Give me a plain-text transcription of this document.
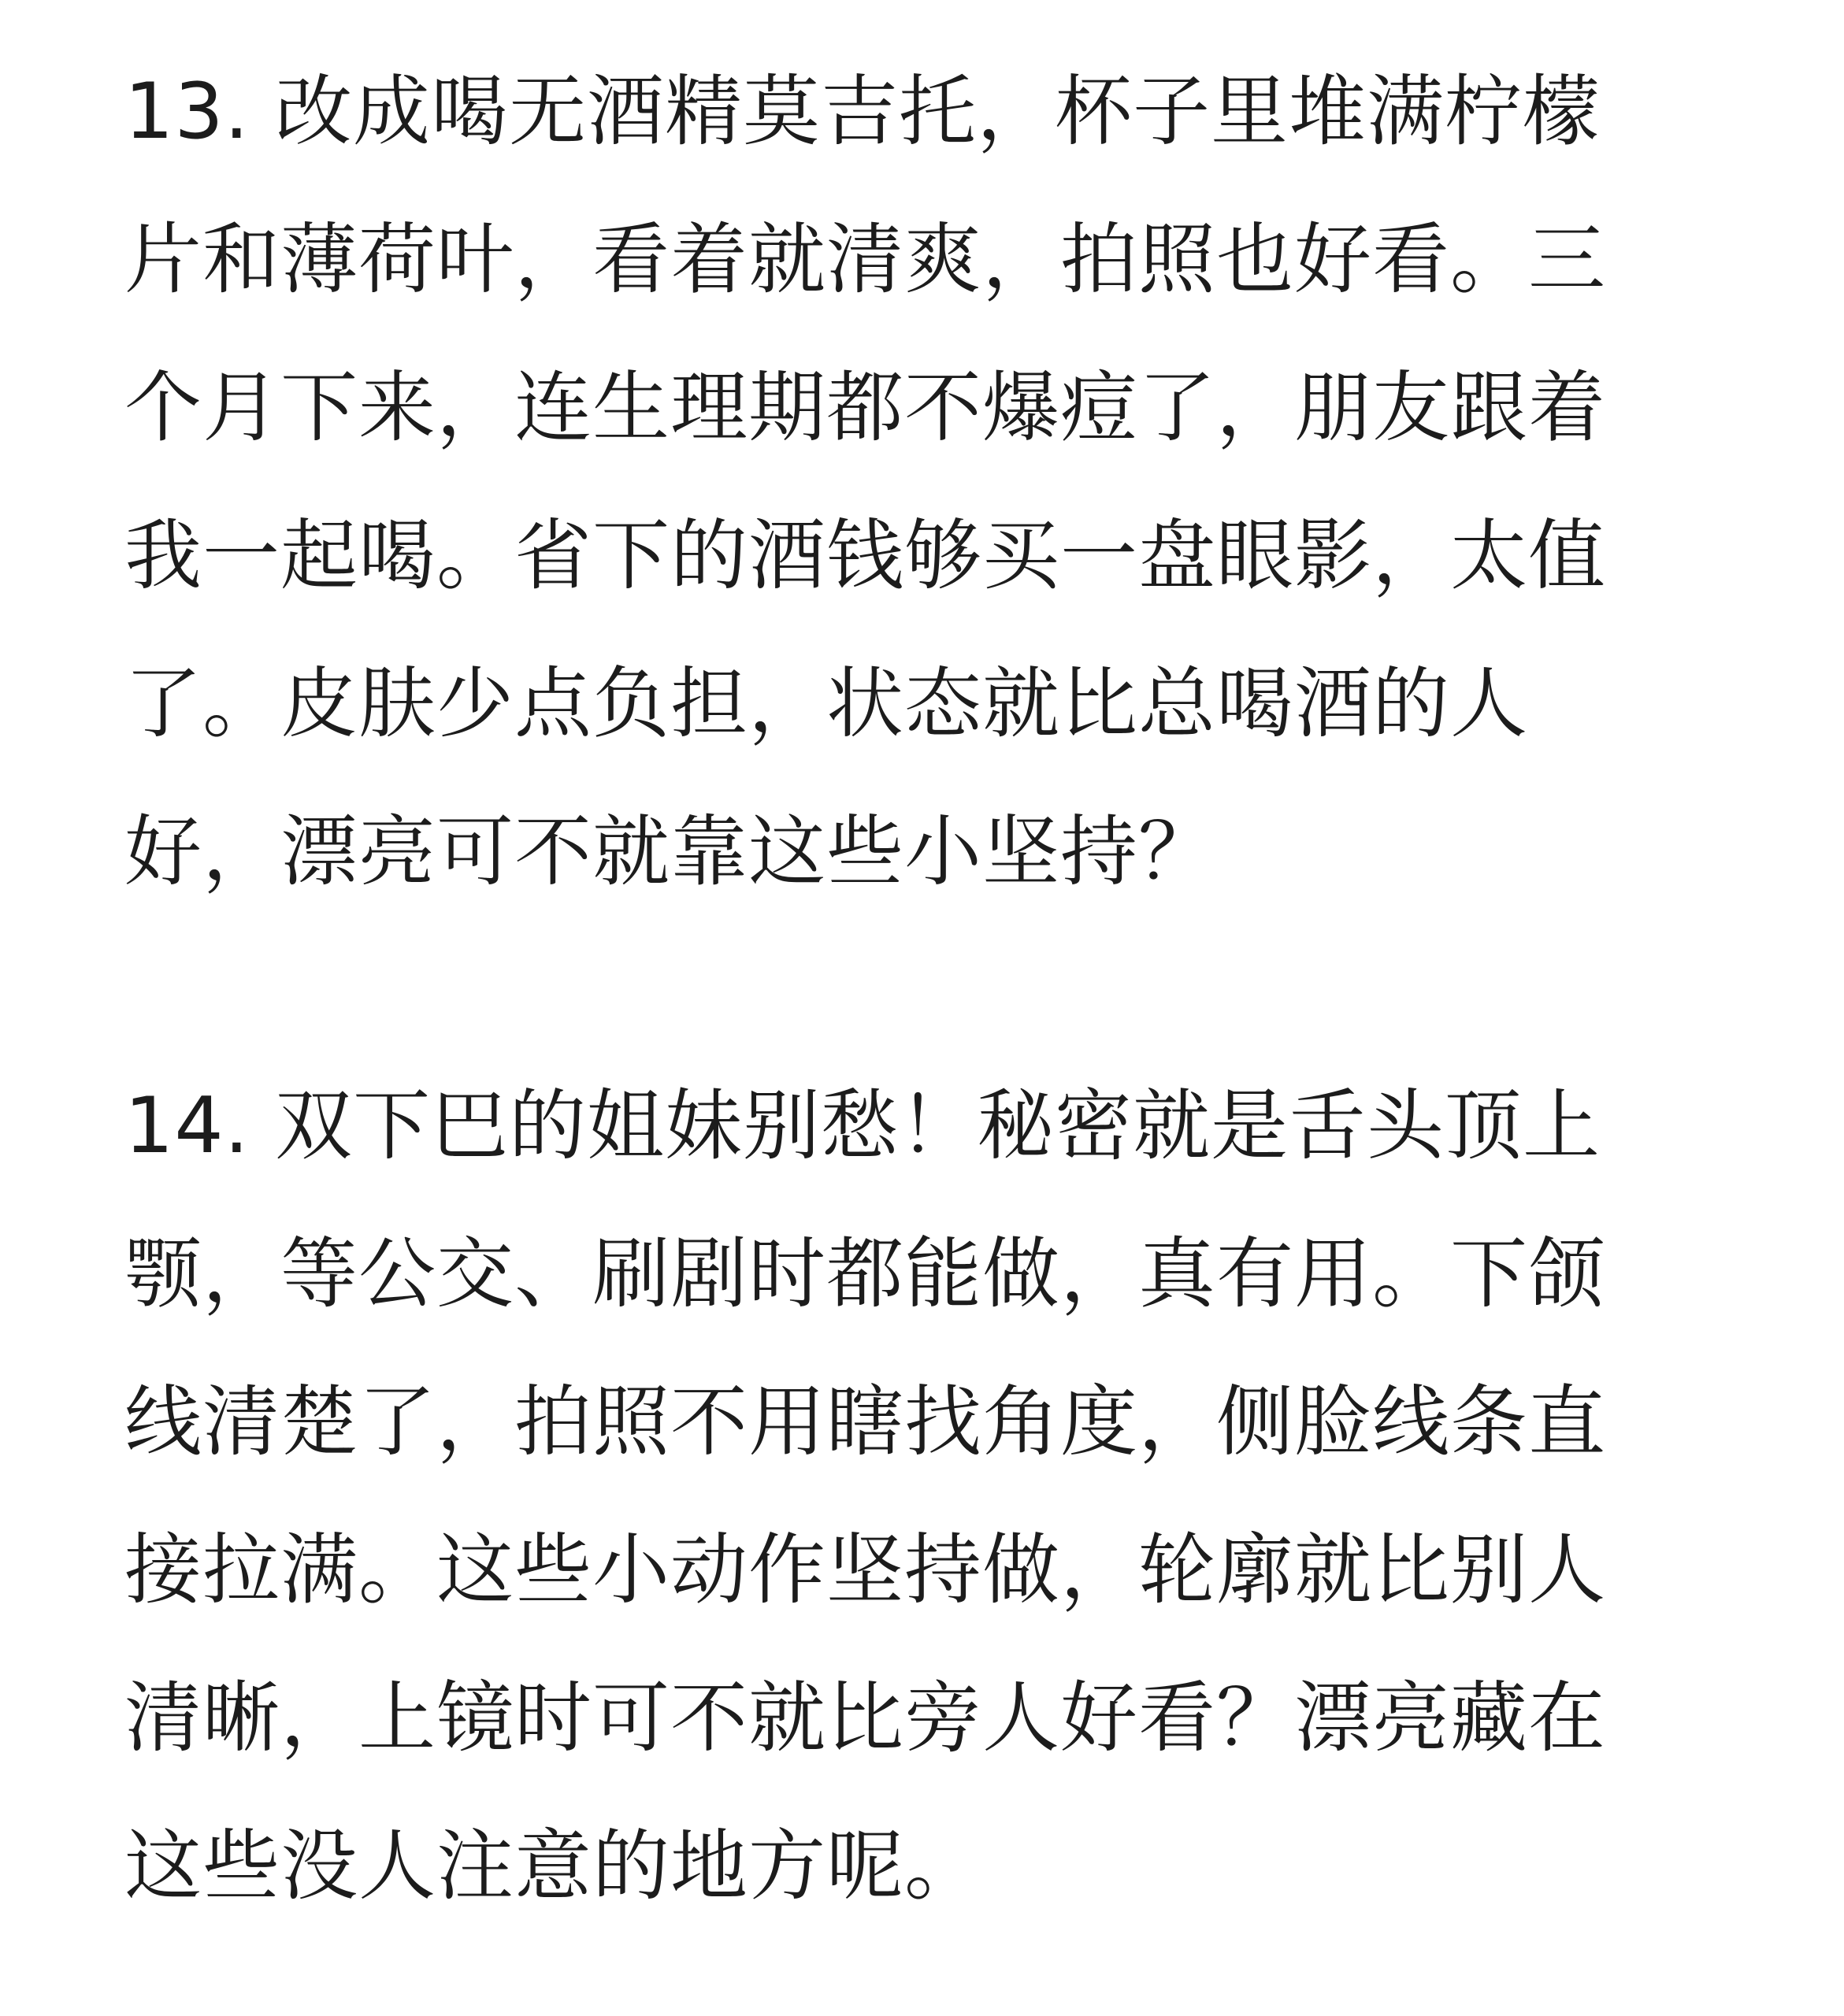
13. 改成喝无酒精莫吉托，杯子里堆满柠檬
片和薄荷叶，看着就清爽，拍照也好看。三
个月下来，连生理期都不爆痘了，朋友跟着
我一起喝。省下的酒钱够买一盘眼影，太值
了。皮肤少点负担，状态就比总喝酒的人
好，漂亮可不就靠这些小坚持？
14. 双下巴的姐妹别愁！秘密就是舌头顶上
颚，等公交、刷剧时都能做，真有用。下颌
线清楚了，拍照不用瞎找角度，侧脸线条直
接拉满。这些小动作坚持做，轮廓就比别人
清晰，上镜时可不就比旁人好看？漂亮藏在
这些没人注意的地方呢。
